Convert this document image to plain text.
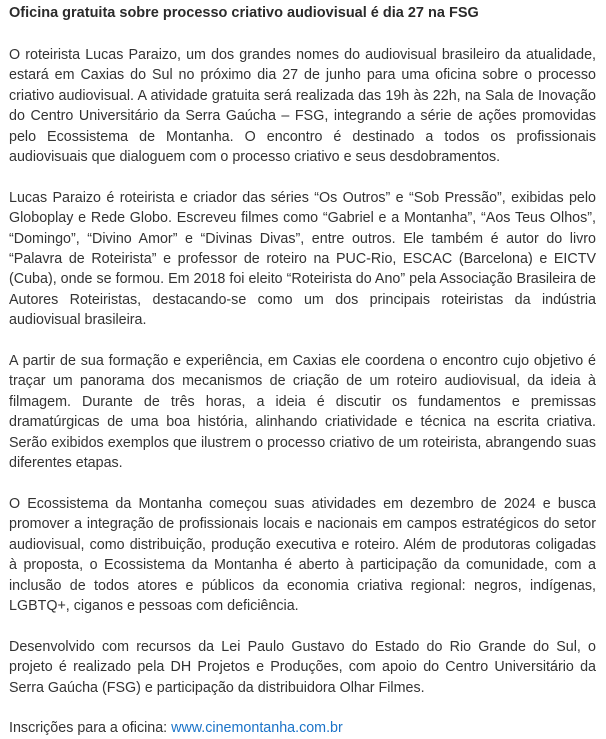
Oficina gratuita sobre processo criativo audiovisual é dia 27 na FSG

O roteirista Lucas Paraizo, um dos grandes nomes do audiovisual brasileiro da atualidade, estará em Caxias do Sul no próximo dia 27 de junho para uma oficina sobre o processo criativo audiovisual. A atividade gratuita será realizada das 19h às 22h, na Sala de Inovação do Centro Universitário da Serra Gaúcha – FSG, integrando a série de ações promovidas pelo Ecossistema de Montanha. O encontro é destinado a todos os profissionais audiovisuais que dialoguem com o processo criativo e seus desdobramentos.

Lucas Paraizo é roteirista e criador das séries “Os Outros” e “Sob Pressão”, exibidas pelo Globoplay e Rede Globo. Escreveu filmes como “Gabriel e a Montanha”, “Aos Teus Olhos”, “Domingo”, “Divino Amor” e “Divinas Divas”, entre outros. Ele também é autor do livro “Palavra de Roteirista” e professor de roteiro na PUC-Rio, ESCAC (Barcelona) e EICTV (Cuba), onde se formou. Em 2018 foi eleito “Roteirista do Ano” pela Associação Brasileira de Autores Roteiristas, destacando-se como um dos principais roteiristas da indústria audiovisual brasileira.

A partir de sua formação e experiência, em Caxias ele coordena o encontro cujo objetivo é traçar um panorama dos mecanismos de criação de um roteiro audiovisual, da ideia à filmagem. Durante de três horas, a ideia é discutir os fundamentos e premissas dramatúrgicas de uma boa história, alinhando criatividade e técnica na escrita criativa. Serão exibidos exemplos que ilustrem o processo criativo de um roteirista, abrangendo suas diferentes etapas.

O Ecossistema da Montanha começou suas atividades em dezembro de 2024 e busca promover a integração de profissionais locais e nacionais em campos estratégicos do setor audiovisual, como distribuição, produção executiva e roteiro. Além de produtoras coligadas à proposta, o Ecossistema da Montanha é aberto à participação da comunidade, com a inclusão de todos atores e públicos da economia criativa regional: negros, indígenas, LGBTQ+, ciganos e pessoas com deficiência.

Desenvolvido com recursos da Lei Paulo Gustavo do Estado do Rio Grande do Sul, o projeto é realizado pela DH Projetos e Produções, com apoio do Centro Universitário da Serra Gaúcha (FSG) e participação da distribuidora Olhar Filmes.

Inscrições para a oficina: www.cinemontanha.com.br
